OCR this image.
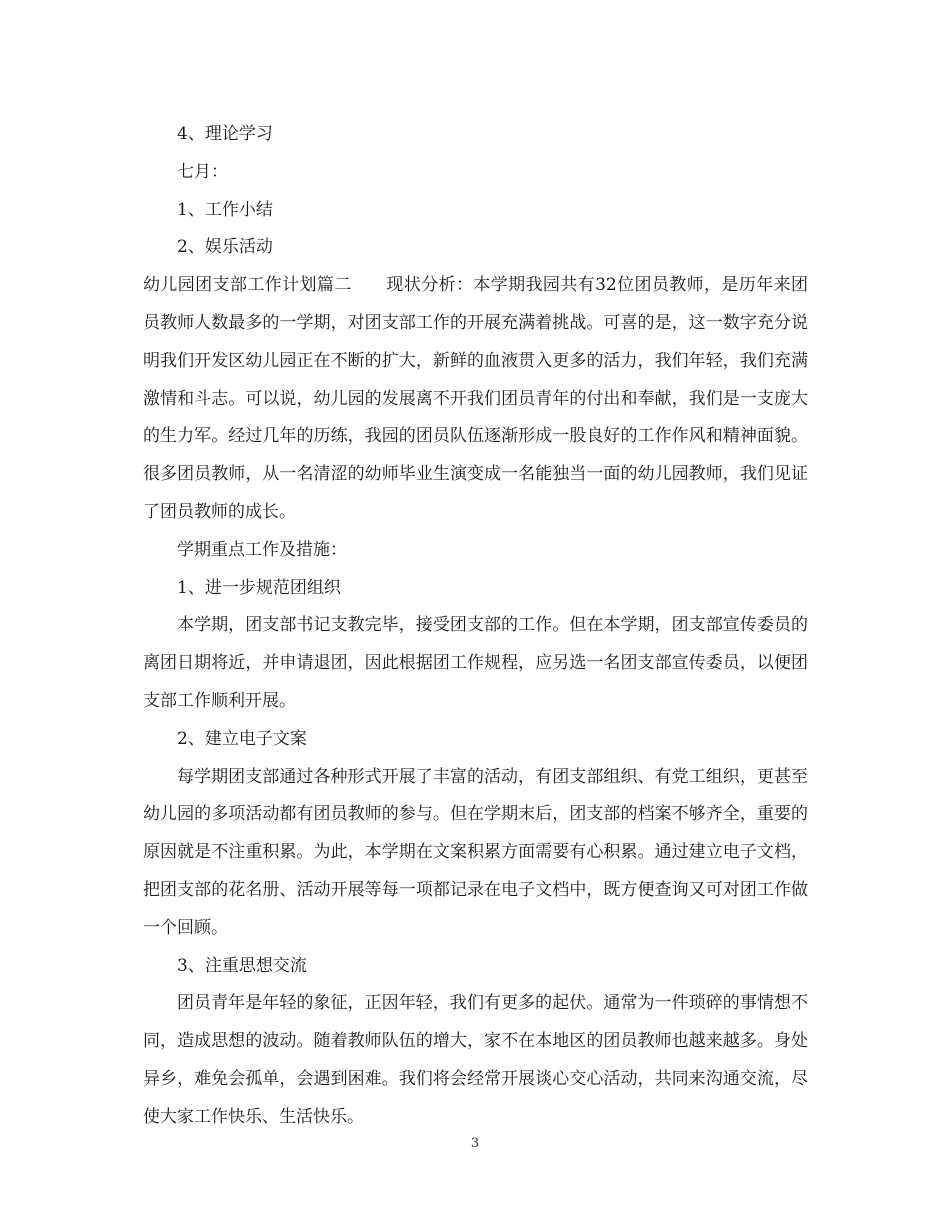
4、理论学习

七月：

1、工作小结

2、娱乐活动

幼儿园团支部工作计划篇二　　现状分析：本学期我园共有32位团员教师，是历年来团员教师人数最多的一学期，对团支部工作的开展充满着挑战。可喜的是，这一数字充分说明我们开发区幼儿园正在不断的扩大，新鲜的血液贯入更多的活力，我们年轻，我们充满激情和斗志。可以说，幼儿园的发展离不开我们团员青年的付出和奉献，我们是一支庞大的生力军。经过几年的历练，我园的团员队伍逐渐形成一股良好的工作作风和精神面貌。很多团员教师，从一名清涩的幼师毕业生演变成一名能独当一面的幼儿园教师，我们见证了团员教师的成长。

学期重点工作及措施：

1、进一步规范团组织

本学期，团支部书记支教完毕，接受团支部的工作。但在本学期，团支部宣传委员的离团日期将近，并申请退团，因此根据团工作规程，应另选一名团支部宣传委员，以便团支部工作顺利开展。

2、建立电子文案

每学期团支部通过各种形式开展了丰富的活动，有团支部组织、有党工组织，更甚至幼儿园的多项活动都有团员教师的参与。但在学期末后，团支部的档案不够齐全，重要的原因就是不注重积累。为此，本学期在文案积累方面需要有心积累。通过建立电子文档，把团支部的花名册、活动开展等每一项都记录在电子文档中，既方便查询又可对团工作做一个回顾。

3、注重思想交流

团员青年是年轻的象征，正因年轻，我们有更多的起伏。通常为一件琐碎的事情想不同，造成思想的波动。随着教师队伍的增大，家不在本地区的团员教师也越来越多。身处异乡，难免会孤单，会遇到困难。我们将会经常开展谈心交心活动，共同来沟通交流，尽使大家工作快乐、生活快乐。

3
